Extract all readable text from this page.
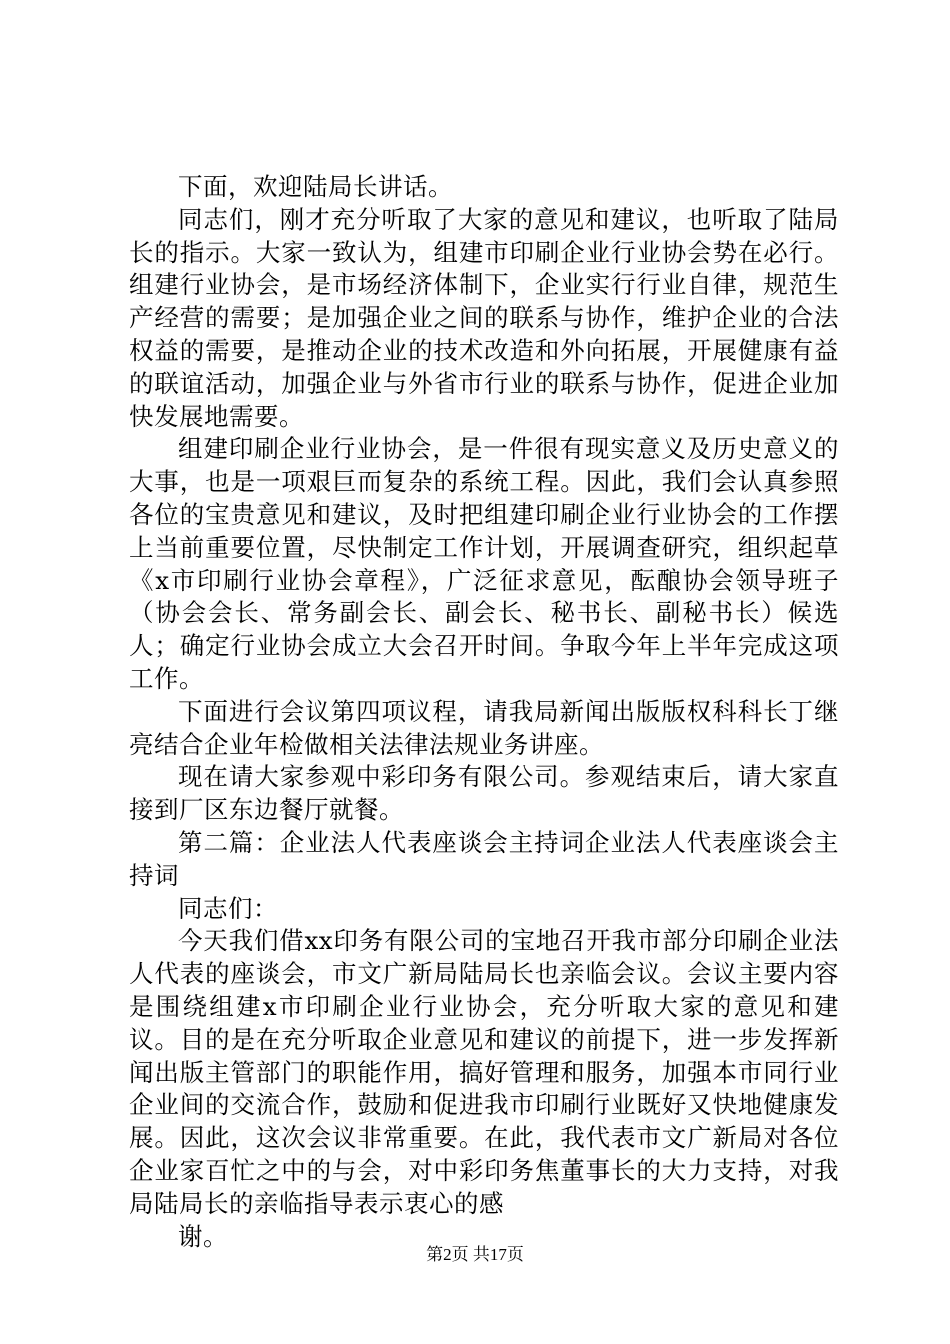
下面，欢迎陆局长讲话。

同志们，刚才充分听取了大家的意见和建议，也听取了陆局长的指示。大家一致认为，组建市印刷企业行业协会势在必行。组建行业协会，是市场经济体制下，企业实行行业自律，规范生产经营的需要；是加强企业之间的联系与协作，维护企业的合法权益的需要，是推动企业的技术改造和外向拓展，开展健康有益的联谊活动，加强企业与外省市行业的联系与协作，促进企业加快发展地需要。

组建印刷企业行业协会，是一件很有现实意义及历史意义的大事，也是一项艰巨而复杂的系统工程。因此，我们会认真参照各位的宝贵意见和建议，及时把组建印刷企业行业协会的工作摆上当前重要位置，尽快制定工作计划，开展调查研究，组织起草《x市印刷行业协会章程》，广泛征求意见，酝酿协会领导班子（协会会长、常务副会长、副会长、秘书长、副秘书长）候选人；确定行业协会成立大会召开时间。争取今年上半年完成这项工作。

下面进行会议第四项议程，请我局新闻出版版权科科长丁继亮结合企业年检做相关法律法规业务讲座。

现在请大家参观中彩印务有限公司。参观结束后，请大家直接到厂区东边餐厅就餐。

第二篇：企业法人代表座谈会主持词企业法人代表座谈会主持词

同志们：

今天我们借xx印务有限公司的宝地召开我市部分印刷企业法人代表的座谈会，市文广新局陆局长也亲临会议。会议主要内容是围绕组建x市印刷企业行业协会，充分听取大家的意见和建议。目的是在充分听取企业意见和建议的前提下，进一步发挥新闻出版主管部门的职能作用，搞好管理和服务，加强本市同行业企业间的交流合作，鼓励和促进我市印刷行业既好又快地健康发展。因此，这次会议非常重要。在此，我代表市文广新局对各位企业家百忙之中的与会，对中彩印务焦董事长的大力支持，对我局陆局长的亲临指导表示衷心的感

谢。

第2页 共17页
